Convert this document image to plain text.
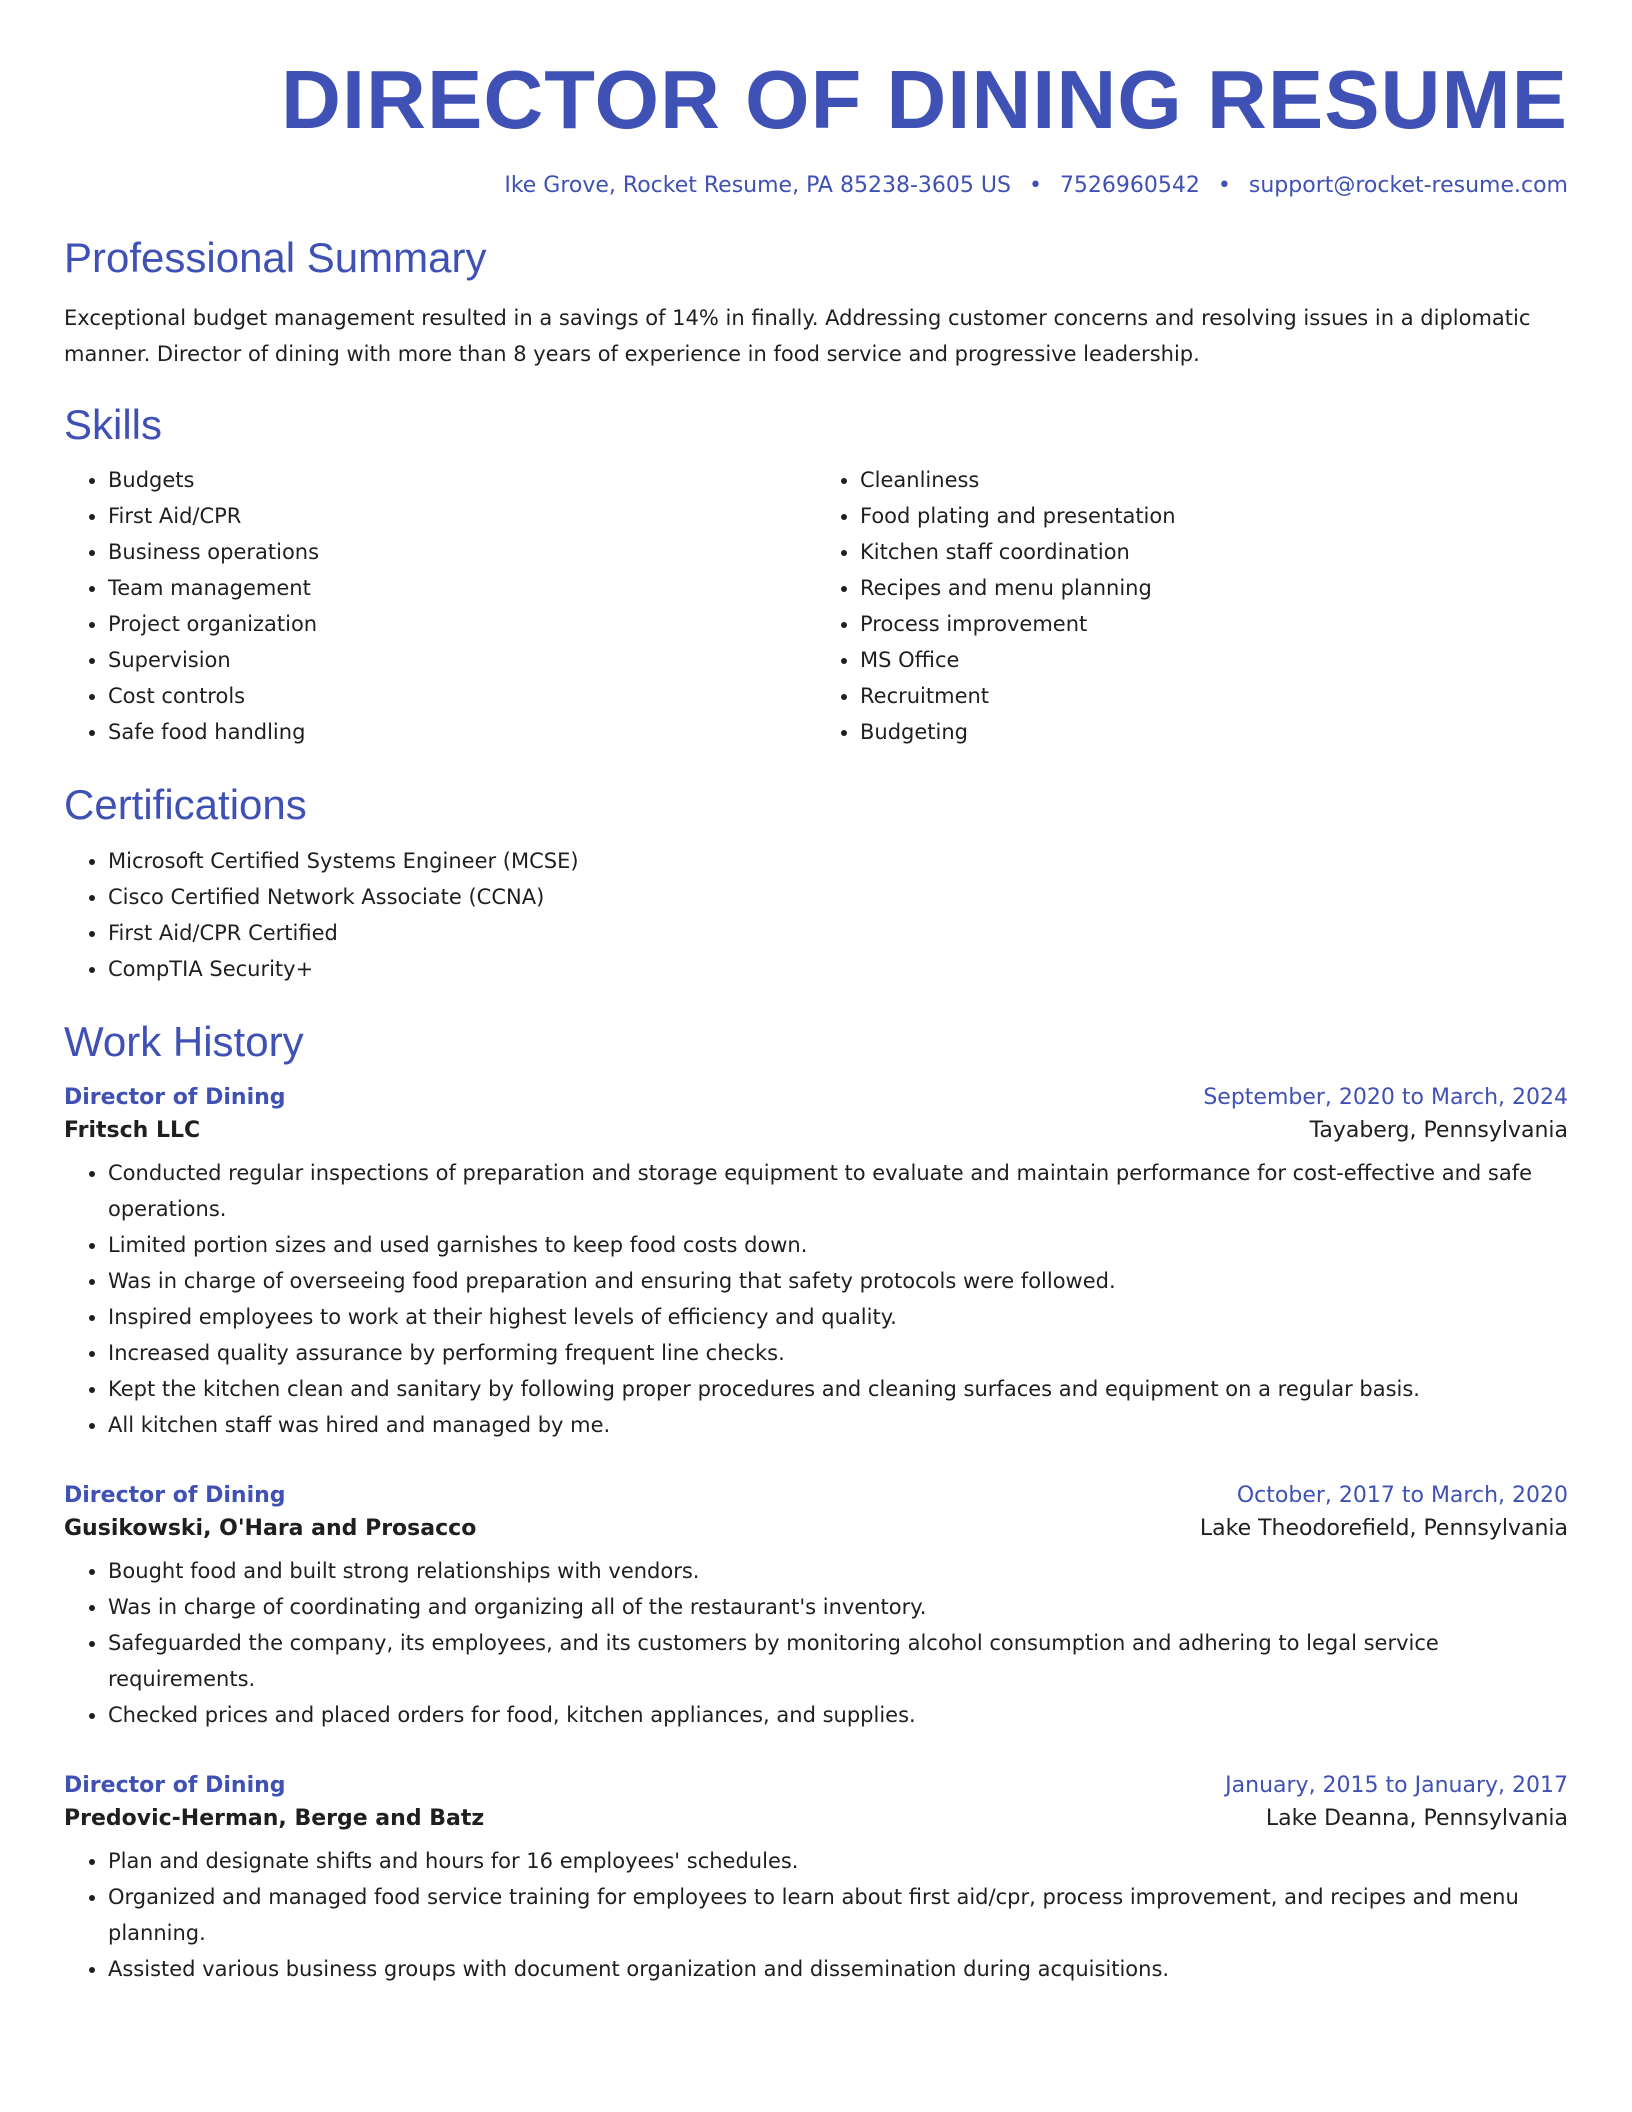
DIRECTOR OF DINING RESUME
Ike Grove, Rocket Resume, PA 85238-3605 US • 7526960542 • support@rocket-resume.com
Professional Summary

Exceptional budget management resulted in a savings of 14% in finally. Addressing customer concerns and resolving issues in a diplomatic manner. Director of dining with more than 8 years of experience in food service and progressive leadership.

Skills
• Budgets
• First Aid/CPR
• Business operations
• Team management
• Project organization
• Supervision
• Cost controls
• Safe food handling
• Cleanliness
• Food plating and presentation
• Kitchen staff coordination
• Recipes and menu planning
• Process improvement
• MS Office
• Recruitment
• Budgeting
Certifications
• Microsoft Certified Systems Engineer (MCSE)
• Cisco Certified Network Associate (CCNA)
• First Aid/CPR Certified
• CompTIA Security+
Work History
Director of Dining	September, 2020 to March, 2024
Fritsch LLC	Tayaberg, Pennsylvania
• Conducted regular inspections of preparation and storage equipment to evaluate and maintain performance for cost-effective and safe operations.
• Limited portion sizes and used garnishes to keep food costs down.
• Was in charge of overseeing food preparation and ensuring that safety protocols were followed.
• Inspired employees to work at their highest levels of efficiency and quality.
• Increased quality assurance by performing frequent line checks.
• Kept the kitchen clean and sanitary by following proper procedures and cleaning surfaces and equipment on a regular basis.
• All kitchen staff was hired and managed by me.
Director of Dining	October, 2017 to March, 2020
Gusikowski, O'Hara and Prosacco	Lake Theodorefield, Pennsylvania
• Bought food and built strong relationships with vendors.
• Was in charge of coordinating and organizing all of the restaurant's inventory.
• Safeguarded the company, its employees, and its customers by monitoring alcohol consumption and adhering to legal service requirements.
• Checked prices and placed orders for food, kitchen appliances, and supplies.
Director of Dining	January, 2015 to January, 2017
Predovic-Herman, Berge and Batz	Lake Deanna, Pennsylvania
• Plan and designate shifts and hours for 16 employees' schedules.
• Organized and managed food service training for employees to learn about first aid/cpr, process improvement, and recipes and menu planning.
• Assisted various business groups with document organization and dissemination during acquisitions.
